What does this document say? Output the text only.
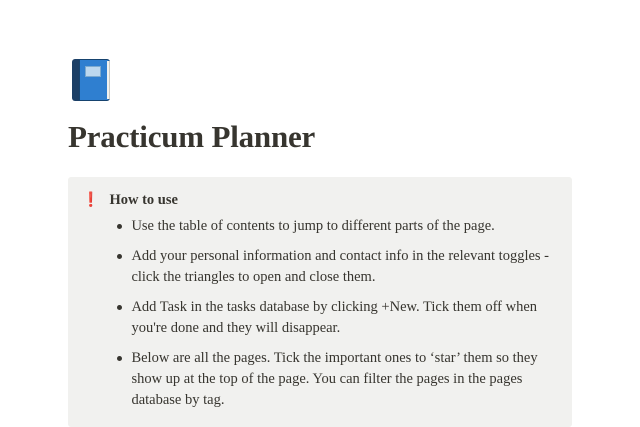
Practicum Planner
❗ How to use
Use the table of contents to jump to different parts of the page.
Add your personal information and contact info in the relevant toggles - click the triangles to open and close them.
Add Task in the tasks database by clicking +New. Tick them off when you're done and they will disappear.
Below are all the pages. Tick the important ones to ‘star’ them so they show up at the top of the page. You can filter the pages in the pages database by tag.
